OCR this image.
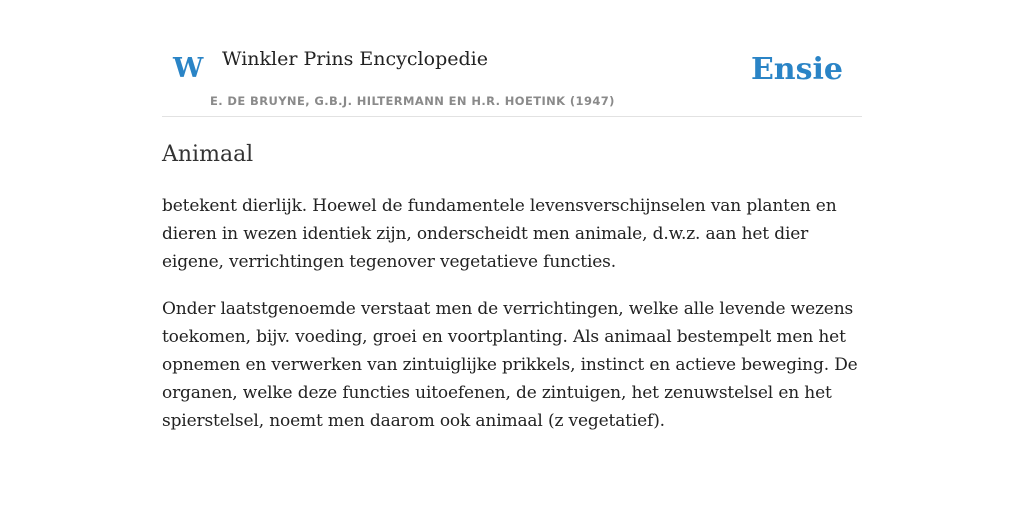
W Winkler Prins Encyclopedie
E. DE BRUYNE, G.B.J. HILTERMANN EN H.R. HOETINK (1947)
Ensie
Animaal

betekent dierlijk. Hoewel de fundamentele levensverschijnselen van planten en dieren in wezen identiek zijn, onderscheidt men animale, d.w.z. aan het dier eigene, verrichtingen tegenover vegetatieve functies.

Onder laatstgenoemde verstaat men de verrichtingen, welke alle levende wezens toekomen, bijv. voeding, groei en voortplanting. Als animaal bestempelt men het opnemen en verwerken van zintuiglijke prikkels, instinct en actieve beweging. De organen, welke deze functies uitoefenen, de zintuigen, het zenuwstelsel en het spierstelsel, noemt men daarom ook animaal (z vegetatief).
